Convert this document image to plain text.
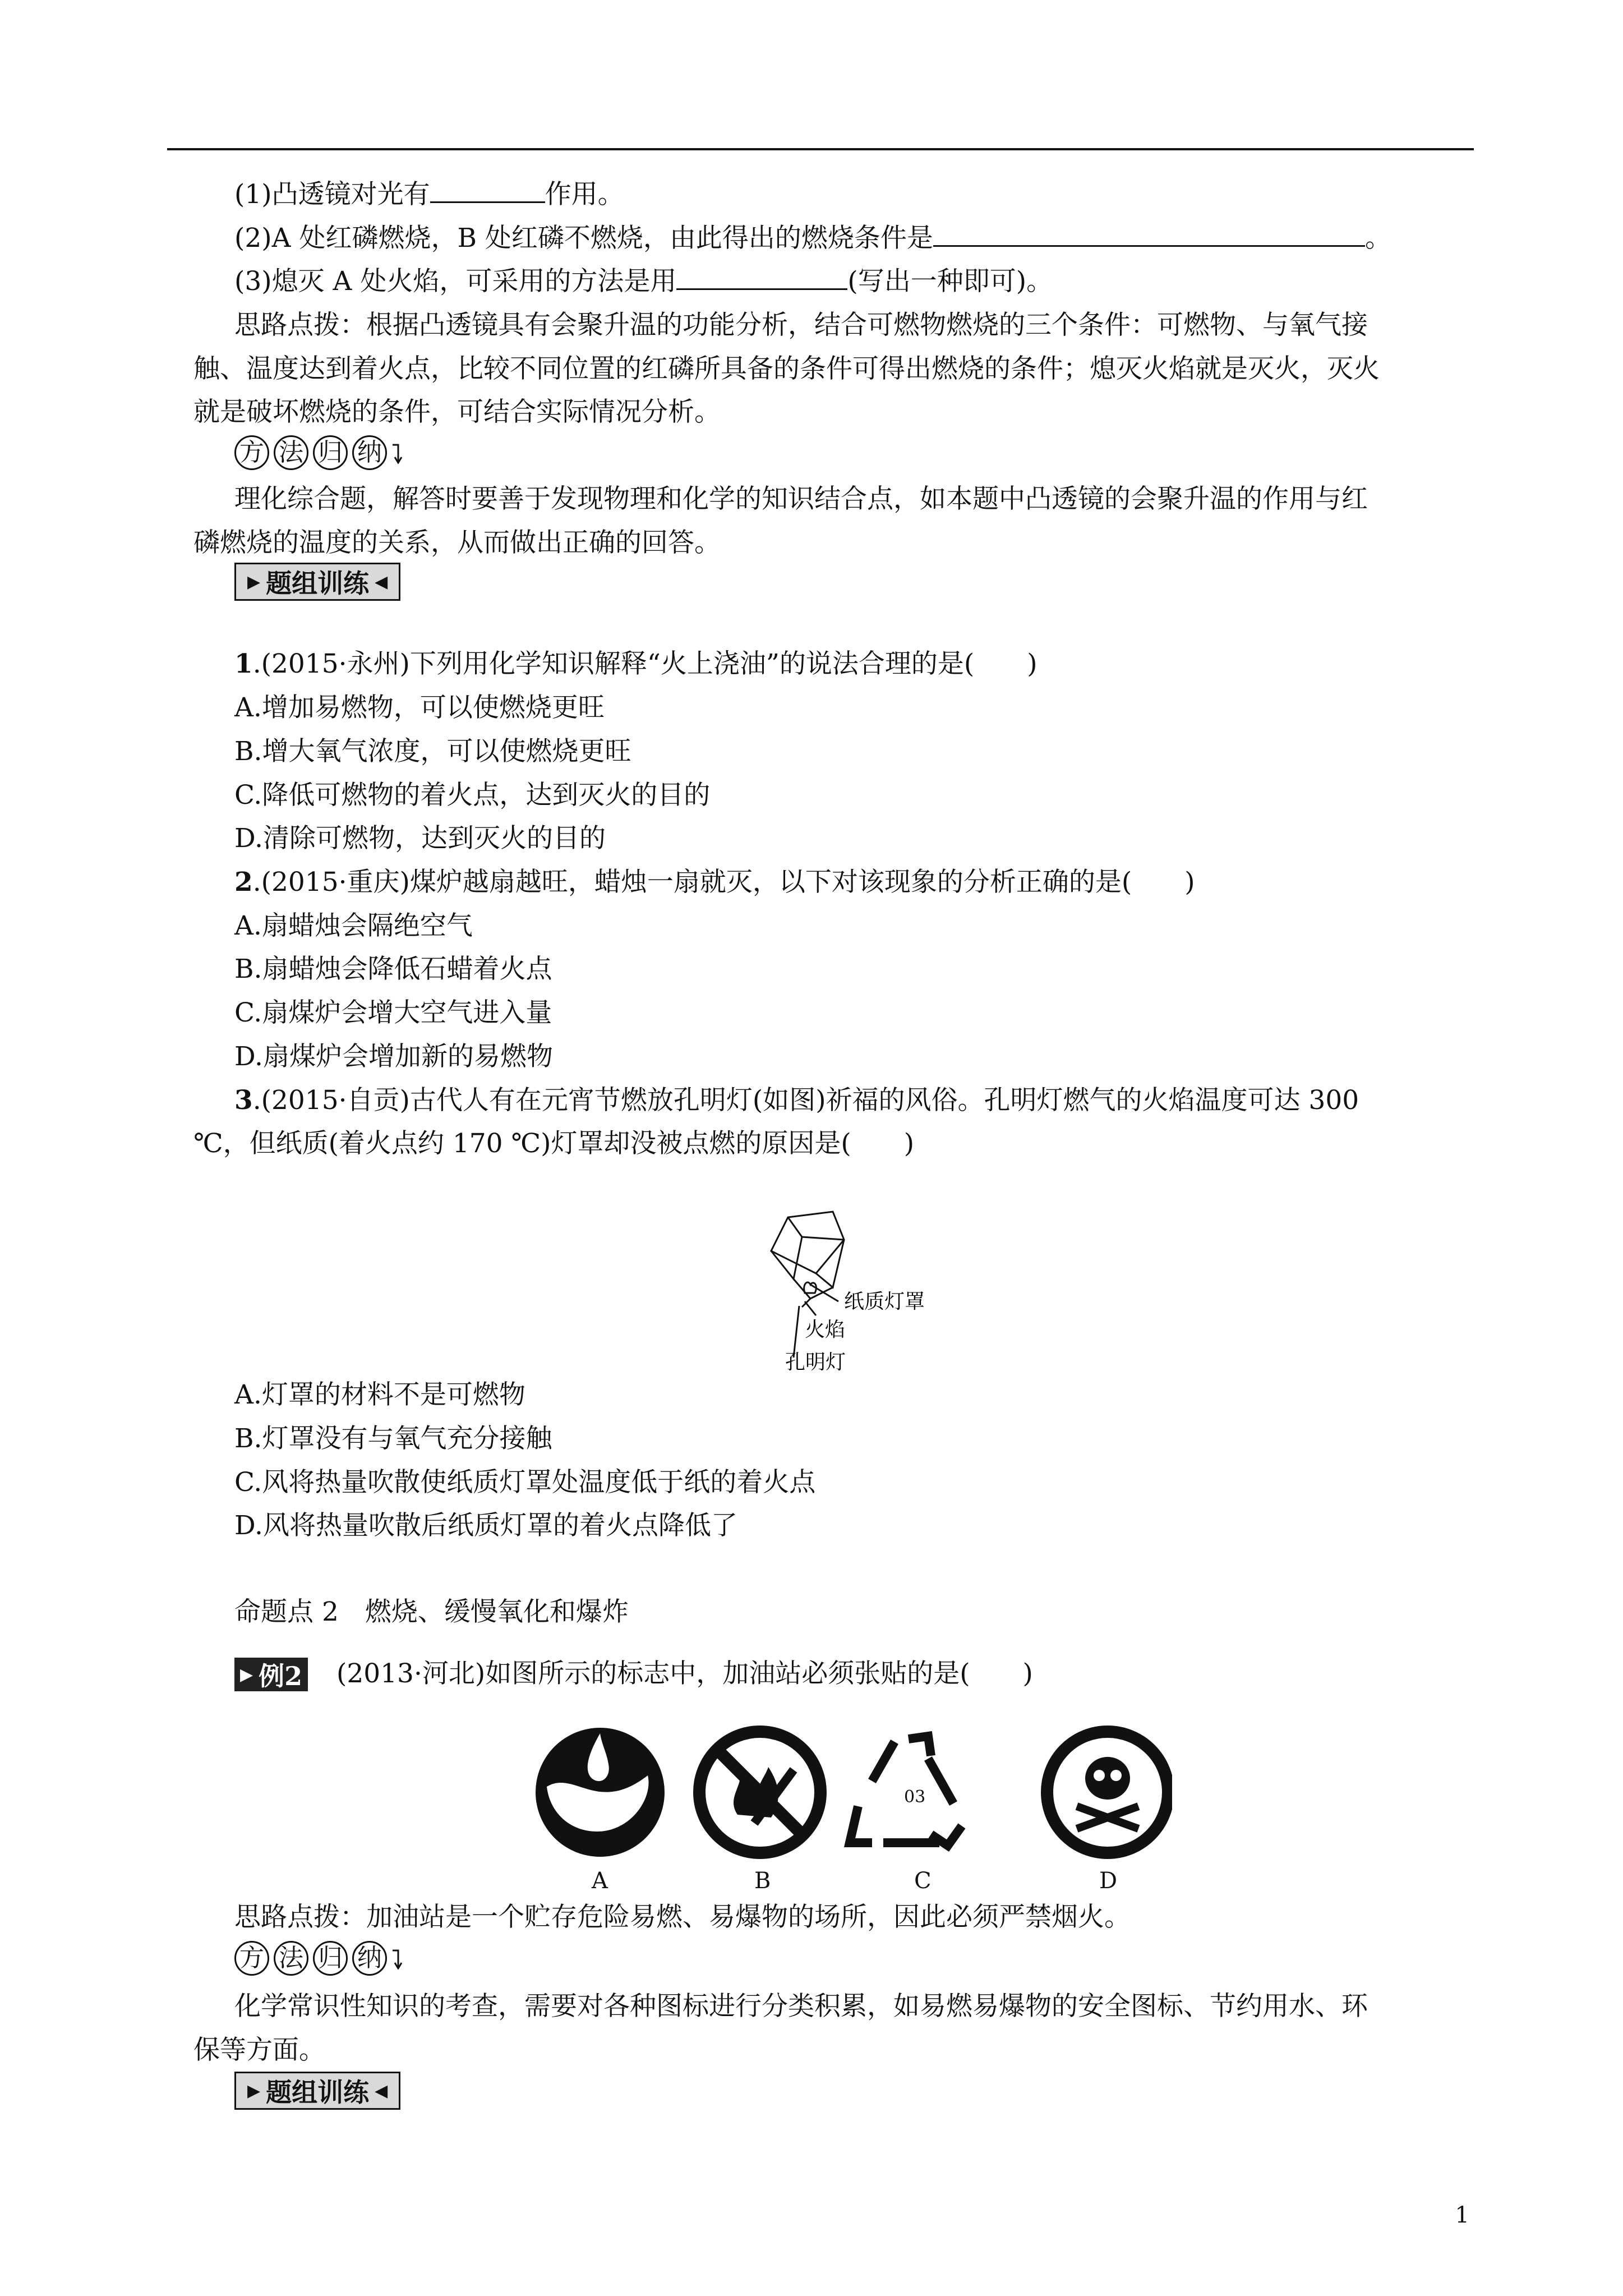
(1)凸透镜对光有	作用。
(2)A 处红磷燃烧，B 处红磷不燃烧，由此得出的燃烧条件是	。
(3)熄灭 A 处火焰，可采用的方法是用	(写出一种即可)。
思路点拨：根据凸透镜具有会聚升温的功能分析，结合可燃物燃烧的三个条件：可燃物、与氧气接
触、温度达到着火点，比较不同位置的红磷所具备的条件可得出燃烧的条件；熄灭火焰就是灭火，灭火
就是破坏燃烧的条件，可结合实际情况分析。
方 法 归 纳
理化综合题，解答时要善于发现物理和化学的知识结合点，如本题中凸透镜的会聚升温的作用与红
磷燃烧的温度的关系，从而做出正确的回答。
▶ 题组训练 ◀
1.(2015·永州)下列用化学知识解释“火上浇油”的说法合理的是(　　)
A.增加易燃物，可以使燃烧更旺
B.增大氧气浓度，可以使燃烧更旺
C.降低可燃物的着火点，达到灭火的目的
D.清除可燃物，达到灭火的目的
2.(2015·重庆)煤炉越扇越旺，蜡烛一扇就灭，以下对该现象的分析正确的是(　　)
A.扇蜡烛会隔绝空气
B.扇蜡烛会降低石蜡着火点
C.扇煤炉会增大空气进入量
D.扇煤炉会增加新的易燃物
3.(2015·自贡)古代人有在元宵节燃放孔明灯(如图)祈福的风俗。孔明灯燃气的火焰温度可达 300
℃，但纸质(着火点约 170 ℃)灯罩却没被点燃的原因是(　　)
纸质灯罩
火焰
孔明灯
A.灯罩的材料不是可燃物
B.灯罩没有与氧气充分接触
C.风将热量吹散使纸质灯罩处温度低于纸的着火点
D.风将热量吹散后纸质灯罩的着火点降低了
命题点 2　燃烧、缓慢氧化和爆炸
▶ 例2 (2013·河北)如图所示的标志中，加油站必须张贴的是(　　)
03
A	B	C	D
思路点拨：加油站是一个贮存危险易燃、易爆物的场所，因此必须严禁烟火。
方 法 归 纳
化学常识性知识的考查，需要对各种图标进行分类积累，如易燃易爆物的安全图标、节约用水、环
保等方面。
▶ 题组训练 ◀
1
